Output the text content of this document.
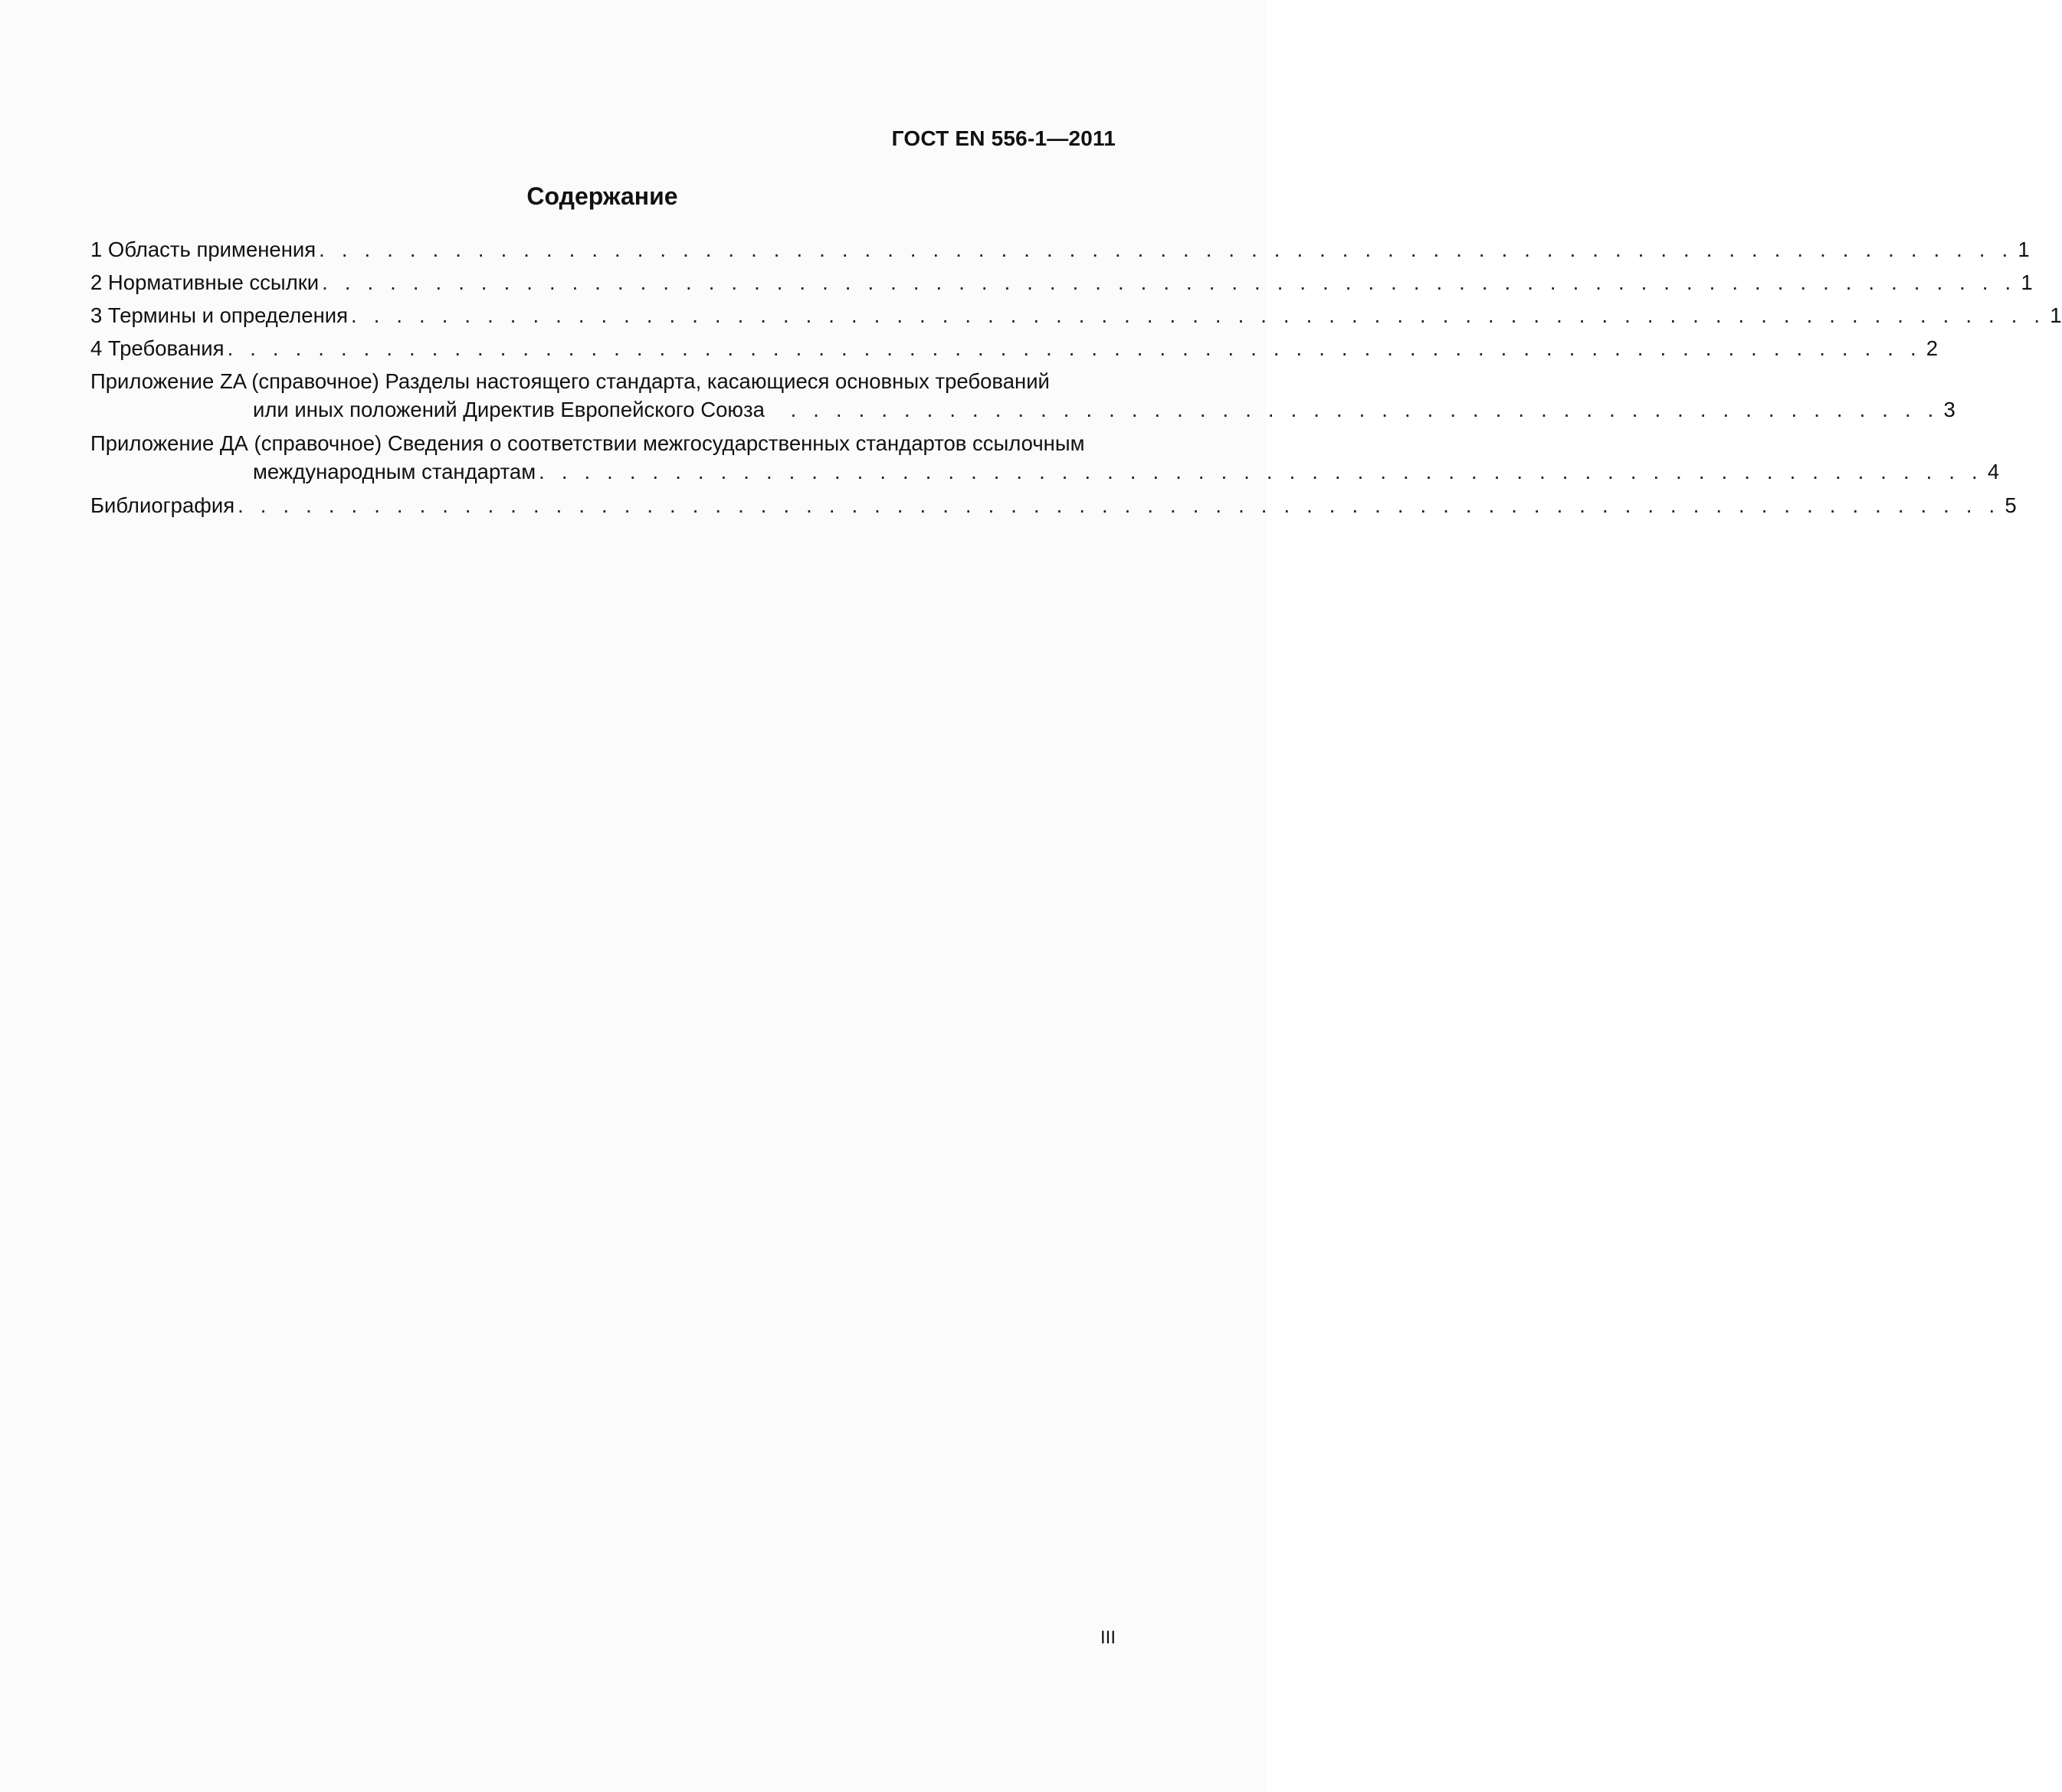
ГОСТ EN 556-1—2011
Содержание
1 Область применения . . . . . . . . . . . . . . . . . . . . . . . . . . . . . . . . . . . . . . . . . . . . . . . . . . . . . . . . . . . . . . . . . . . . . . . . . . . 1
2 Нормативные ссылки . . . . . . . . . . . . . . . . . . . . . . . . . . . . . . . . . . . . . . . . . . . . . . . . . . . . . . . . . . . . . . . . . . . . . . . . . . . 1
3 Термины и определения . . . . . . . . . . . . . . . . . . . . . . . . . . . . . . . . . . . . . . . . . . . . . . . . . . . . . . . . . . . . . . . . . . . . . . . . . . . 1
4 Требования . . . . . . . . . . . . . . . . . . . . . . . . . . . . . . . . . . . . . . . . . . . . . . . . . . . . . . . . . . . . . . . . . . . . . . . . . . . 2
Приложение ZA (справочное) Разделы настоящего стандарта, касающиеся основных требований
или иных положений Директив Европейского Союза . . . . . . . . . . . . . . . . . . . . . . . . . . . . . . . . . . . . . . . . . . . . . . . . . . . 3
Приложение ДА (справочное) Сведения о соответствии межгосударственных стандартов ссылочным
международным стандартам . . . . . . . . . . . . . . . . . . . . . . . . . . . . . . . . . . . . . . . . . . . . . . . . . . . . . . . . . . . . . . . . 4
Библиография . . . . . . . . . . . . . . . . . . . . . . . . . . . . . . . . . . . . . . . . . . . . . . . . . . . . . . . . . . . . . . . . . . . . . . . . . . . . . . 5
III
